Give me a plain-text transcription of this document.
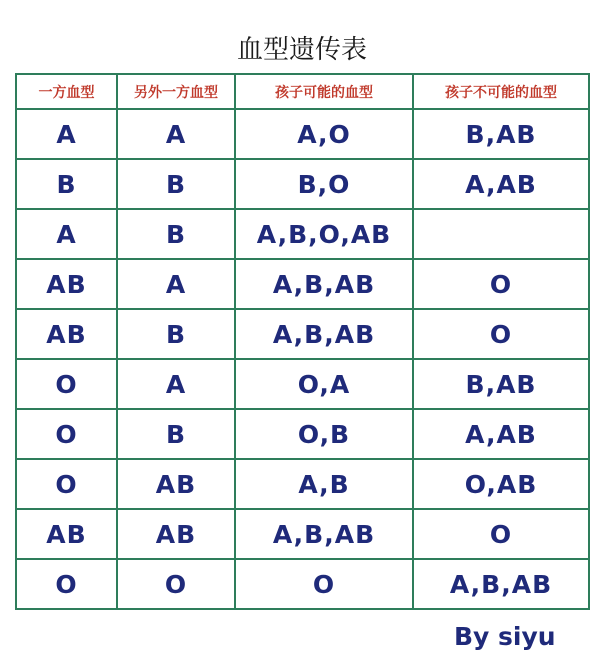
血型遗传表
一方血型	另外一方血型	孩子可能的血型	孩子不可能的血型
A	A	A,O	B,AB
B	B	B,O	A,AB
A	B	A,B,O,AB	
AB	A	A,B,AB	O
AB	B	A,B,AB	O
O	A	O,A	B,AB
O	B	O,B	A,AB
O	AB	A,B	O,AB
AB	AB	A,B,AB	O
O	O	O	A,B,AB
By siyu
